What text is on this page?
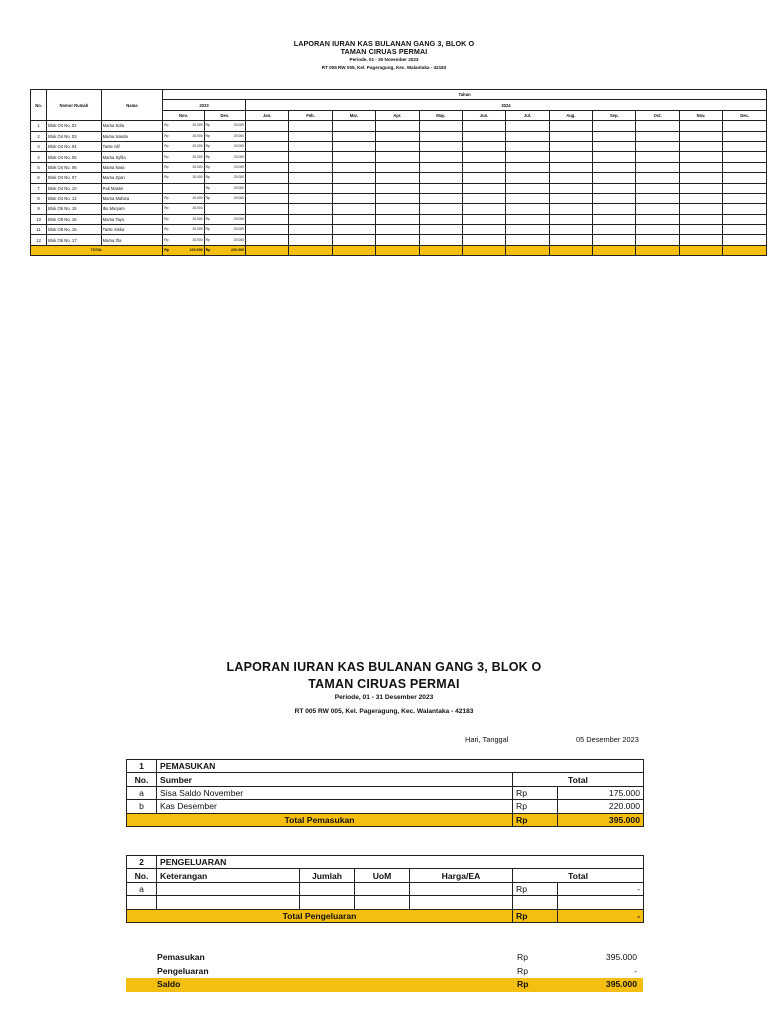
LAPORAN IURAN KAS BULANAN GANG 3, BLOK O
TAMAN CIRUAS PERMAI
Periode, 01 - 30 November 2023
RT 005 RW 005, Kel. Pageragung, Kec. Walantaka - 42183
No.	Nomor Rumah	Nama	Tahun													
			2023		2024											
			Nov.	Des.	Jan.	Feb.	Mar.	Apr.	May.	Jun.	Jul.	Aug.	Sep.	Oct.	Nov.	Dec.
1	Blok O4 No. 02	Mama Sofa	Rp 20.000	Rp 20.000												

2	Blok O4 No. 03	Mama Nanda	Rp 20.000	Rp 20.000												

3	Blok O4 No. 04	Tante Alif	Rp 20.000	Rp 20.000												

4	Blok O4 No. 05	Mama Syfila	Rp 20.000	Rp 20.000												

5	Blok O4 No. 06	Mama Nara	Rp 20.000	Rp 20.000												

6	Blok O4 No. 07	Mama Zyan	Rp 20.000	Rp 20.000												

7	Blok O4 No. 10	Pak Mastin		Rp 20.000												

8	Blok O4 No. 12	Mama Mafaza	Rp 20.000	Rp 20.000												

9	Blok O5 No. 15	Ibu Maryam	Rp 20.000													

10	Blok O5 No. 16	Mama Tayo	Rp 20.000	Rp 20.000												

11	Blok O6 No. 16	Tante Siska	Rp 20.000	Rp 20.000												

12	Blok O6 No. 17	Mama Ifra	Rp 20.000	Rp 20.000												

TOTAL			Rp 220.000	Rp 220.000												

LAPORAN IURAN KAS BULANAN GANG 3, BLOK O
TAMAN CIRUAS PERMAI
Periode, 01 - 31 Desember 2023
RT 005 RW 005, Kel. Pageragung, Kec. Walantaka - 42183
Hari, Tanggal	05 Desember 2023
1	PEMASUKAN		
No.	Sumber	Total	
a	Sisa Saldo November	Rp	175.000
b	Kas Desember	Rp	220.000
Total Pemasukan		Rp	395.000
2	PENGELUARAN					
No.	Keterangan	Jumlah	UoM	Harga/EA	Total	
a					Rp	-

Total Pengeluaran					Rp	-
Pemasukan	Rp	395.000
Pengeluaran	Rp	-
Saldo	Rp	395.000
